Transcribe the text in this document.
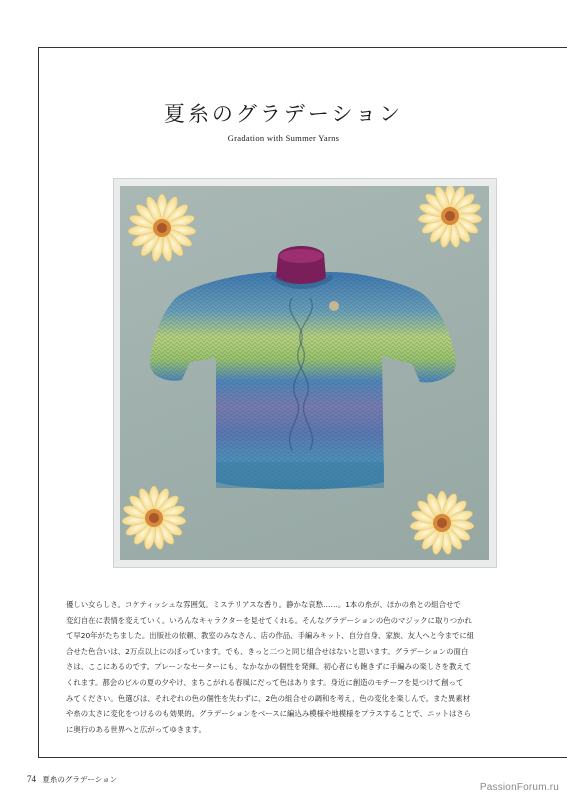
夏糸のグラデーション
Gradation with Summer Yarns
優しい女らしさ。コケティッシュな雰囲気。ミステリアスな香り。静かな哀愁……。1本の糸が、ほかの糸との組合せで
変幻自在に表情を変えていく。いろんなキャラクターを見せてくれる。そんなグラデーションの色のマジックに取りつかれ
て早20年がたちました。出版社の依頼、教室のみなさん、店の作品、手編みキット、自分自身、家族、友人へと今までに組
合せた色合いは、2万点以上にのぼっています。でも、きっと二つと同じ組合せはないと思います。グラデーションの面白
さは、ここにあるのです。プレーンなセーターにも、なかなかの個性を発揮。初心者にも飽きずに手編みの楽しさを教えて
くれます。都会のビルの夏の夕やけ、まちこがれる春風にだって色はあります。身近に創造のモチーフを見つけて創って
みてください。色選びは、それぞれの色の個性を失わずに、2色の組合せの調和を考え、色の変化を楽しんで。また異素材
や糸の太さに変化をつけるのも効果的。グラデーションをベースに編込み模様や地模様をプラスすることで、ニットはさら
に奥行のある世界へと広がってゆきます。
74 夏糸のグラデーション
PassionForum.ru
